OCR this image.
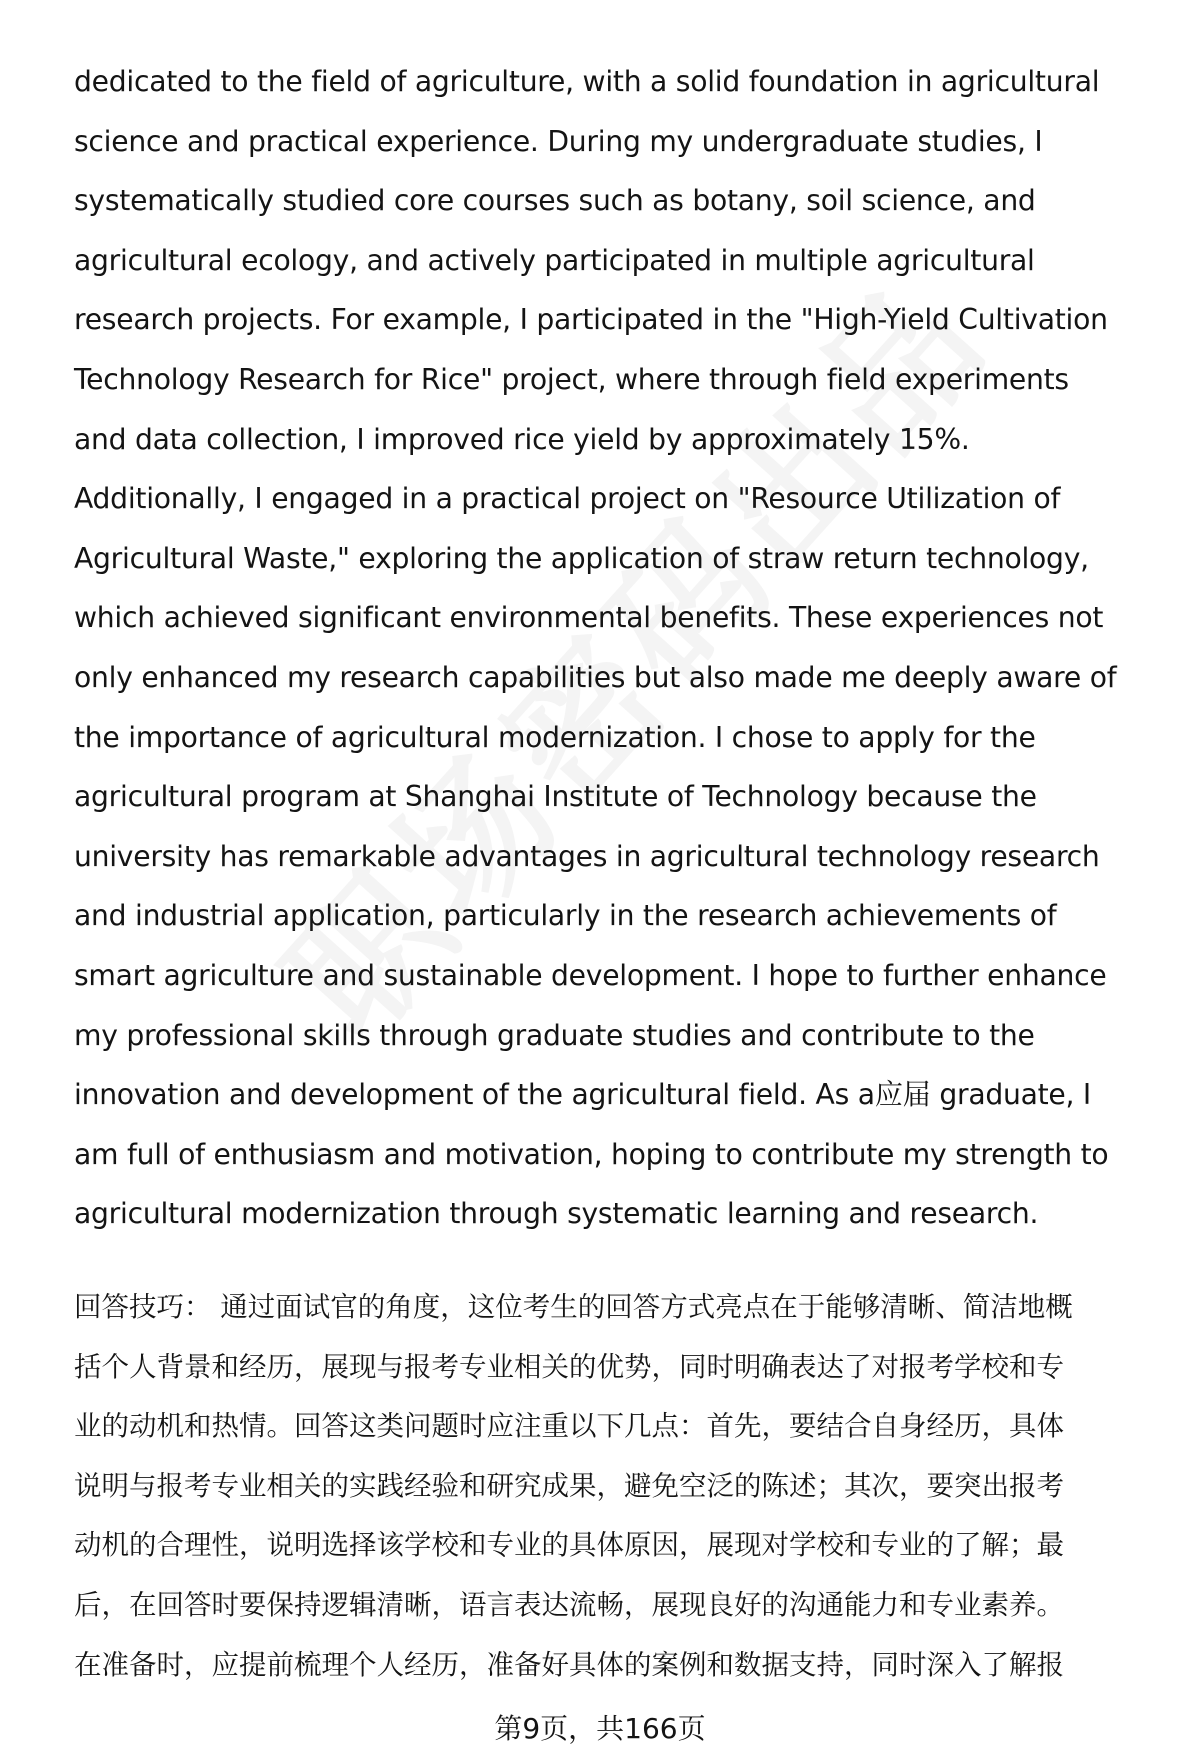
dedicated to the field of agriculture, with a solid foundation in agricultural
science and practical experience. During my undergraduate studies, I
systematically studied core courses such as botany, soil science, and
agricultural ecology, and actively participated in multiple agricultural
research projects. For example, I participated in the "High-Yield Cultivation
Technology Research for Rice" project, where through field experiments
and data collection, I improved rice yield by approximately 15%.
Additionally, I engaged in a practical project on "Resource Utilization of
Agricultural Waste," exploring the application of straw return technology,
which achieved significant environmental benefits. These experiences not
only enhanced my research capabilities but also made me deeply aware of
the importance of agricultural modernization. I chose to apply for the
agricultural program at Shanghai Institute of Technology because the
university has remarkable advantages in agricultural technology research
and industrial application, particularly in the research achievements of
smart agriculture and sustainable development. I hope to further enhance
my professional skills through graduate studies and contribute to the
innovation and development of the agricultural field. As a应届 graduate, I
am full of enthusiasm and motivation, hoping to contribute my strength to
agricultural modernization through systematic learning and research.

回答技巧： 通过面试官的角度，这位考生的回答方式亮点在于能够清晰、简洁地概
括个人背景和经历，展现与报考专业相关的优势，同时明确表达了对报考学校和专
业的动机和热情。回答这类问题时应注重以下几点：首先，要结合自身经历，具体
说明与报考专业相关的实践经验和研究成果，避免空泛的陈述；其次，要突出报考
动机的合理性，说明选择该学校和专业的具体原因，展现对学校和专业的了解；最
后，在回答时要保持逻辑清晰，语言表达流畅，展现良好的沟通能力和专业素养。
在准备时，应提前梳理个人经历，准备好具体的案例和数据支持，同时深入了解报

第9页，共166页
